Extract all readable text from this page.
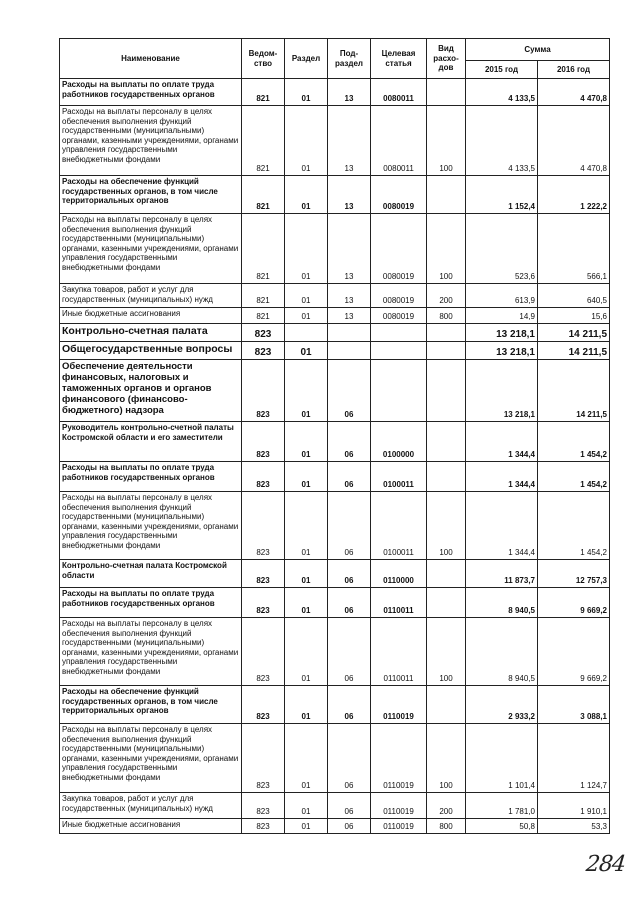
Наименование	Ведом-ство	Раздел	Под-раздел	Целевая статья	Вид расхо-дов	Сумма	
						2015 год	2016 год
Расходы на выплаты по оплате труда работников государственных органов	821	01	13	0080011		4 133,5	4 470,8
Расходы на выплаты персоналу в целях обеспечения выполнения функций государственными (муниципальными) органами, казенными учреждениями, органами управления государственными внебюджетными фондами	821	01	13	0080011	100	4 133,5	4 470,8
Расходы на обеспечение функций государственных органов, в том числе территориальных органов	821	01	13	0080019		1 152,4	1 222,2
Расходы на выплаты персоналу в целях обеспечения выполнения функций государственными (муниципальными) органами, казенными учреждениями, органами управления государственными внебюджетными фондами	821	01	13	0080019	100	523,6	566,1
Закупка товаров, работ и услуг для государственных (муниципальных) нужд	821	01	13	0080019	200	613,9	640,5
Иные бюджетные ассигнования	821	01	13	0080019	800	14,9	15,6
Контрольно-счетная палата	823					13 218,1	14 211,5
Общегосударственные вопросы	823	01				13 218,1	14 211,5
Обеспечение деятельности финансовых, налоговых и таможенных органов и органов финансового (финансово-бюджетного) надзора	823	01	06			13 218,1	14 211,5
Руководитель контрольно-счетной палаты Костромской области и его заместители	823	01	06	0100000		1 344,4	1 454,2
Расходы на выплаты по оплате труда работников государственных органов	823	01	06	0100011		1 344,4	1 454,2
Расходы на выплаты персоналу в целях обеспечения выполнения функций государственными (муниципальными) органами, казенными учреждениями, органами управления государственными внебюджетными фондами	823	01	06	0100011	100	1 344,4	1 454,2
Контрольно-счетная палата Костромской области	823	01	06	0110000		11 873,7	12 757,3
Расходы на выплаты по оплате труда работников государственных органов	823	01	06	0110011		8 940,5	9 669,2
Расходы на выплаты персоналу в целях обеспечения выполнения функций государственными (муниципальными) органами, казенными учреждениями, органами управления государственными внебюджетными фондами	823	01	06	0110011	100	8 940,5	9 669,2
Расходы на обеспечение функций государственных органов, в том числе территориальных органов	823	01	06	0110019		2 933,2	3 088,1
Расходы на выплаты персоналу в целях обеспечения выполнения функций государственными (муниципальными) органами, казенными учреждениями, органами управления государственными внебюджетными фондами	823	01	06	0110019	100	1 101,4	1 124,7
Закупка товаров, работ и услуг для государственных (муниципальных) нужд	823	01	06	0110019	200	1 781,0	1 910,1
Иные бюджетные ассигнования	823	01	06	0110019	800	50,8	53,3
284
